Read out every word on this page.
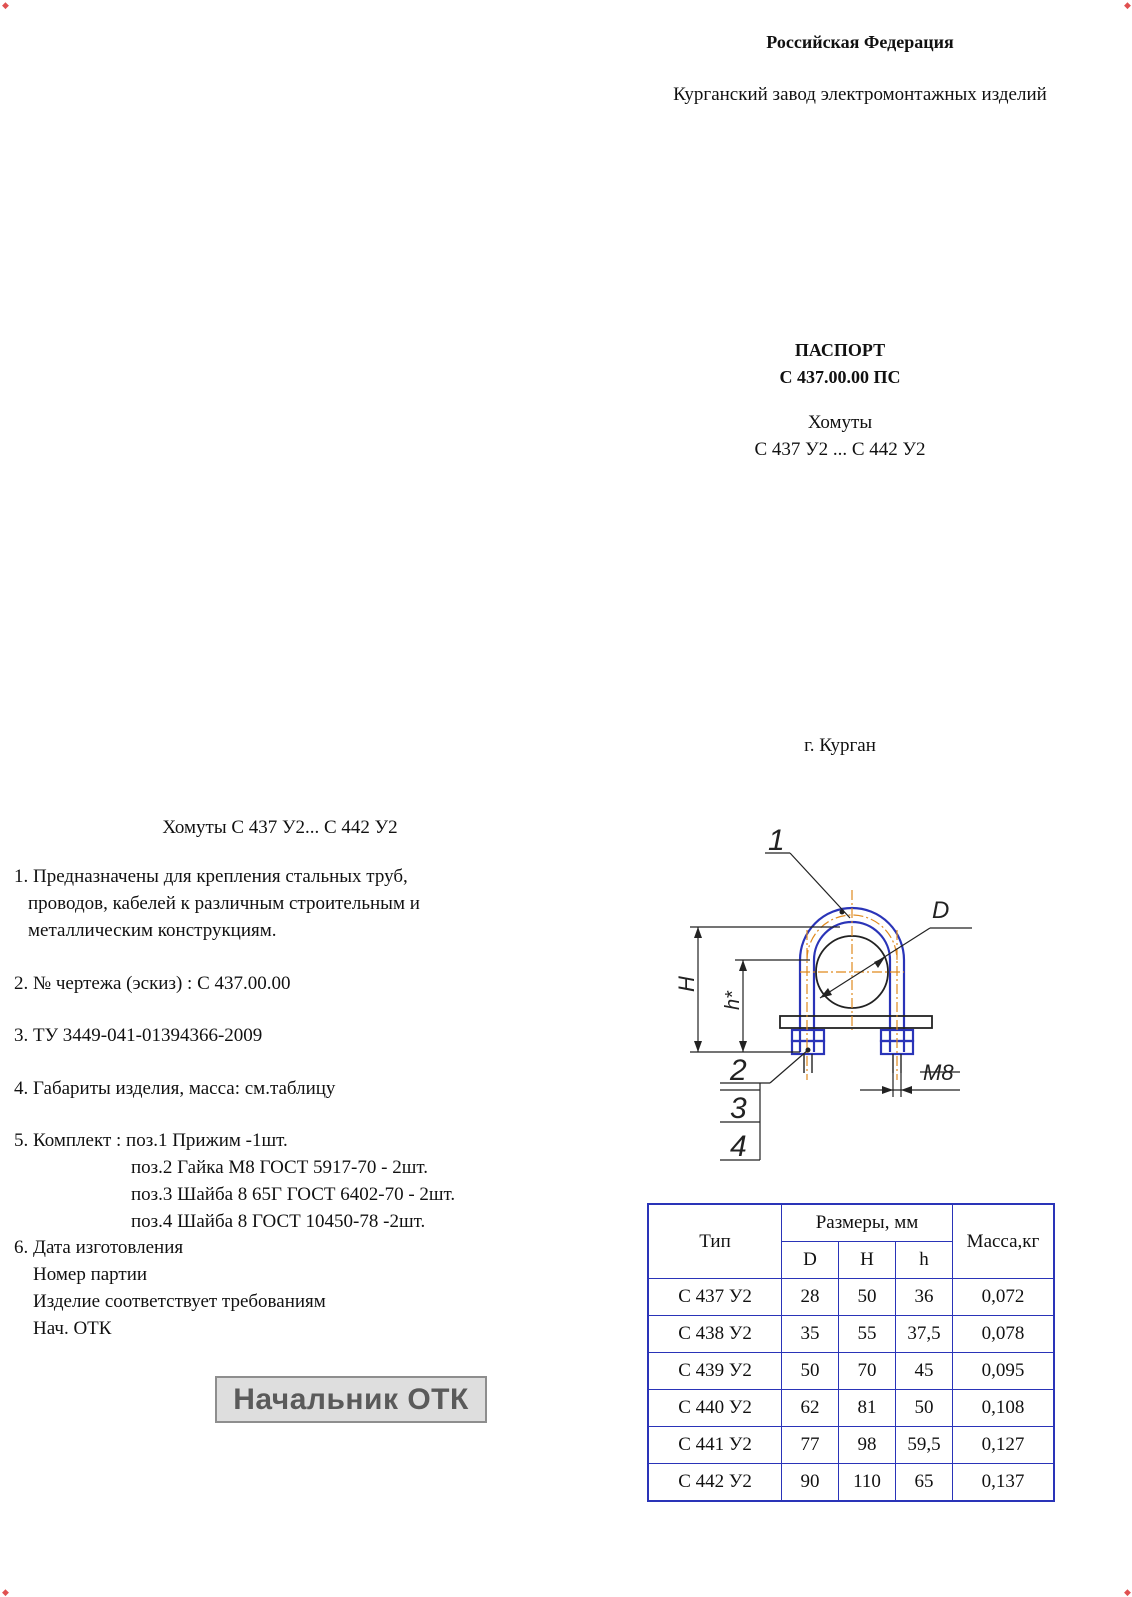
◆	◆
◆	◆
Российская Федерация
Курганский завод электромонтажных изделий
ПАСПОРТ
С 437.00.00 ПС
Хомуты
С 437 У2 ... С 442 У2
г. Курган
Хомуты С 437 У2... С 442 У2
1. Предназначены для крепления стальных труб,
проводов, кабелей к различным строительным и
металлическим конструкциям.
2. № чертежа (эскиз) : С 437.00.00
3. ТУ 3449-041-01394366-2009
4. Габариты изделия, масса: см.таблицу
5. Комплект : поз.1 Прижим -1шт.
поз.2 Гайка М8 ГОСТ 5917-70 - 2шт.
поз.3 Шайба 8 65Г ГОСТ 6402-70 - 2шт.
поз.4 Шайба 8 ГОСТ 10450-78 -2шт.
6. Дата изготовления
Номер партии
Изделие соответствует требованиям
Нач. ОТК
Начальник ОТК
1
D
H
h*
M8
2
3
4
Тип	Размеры, мм			Масса,кг
	D	H	h	
С 437 У2	28	50	36	0,072
С 438 У2	35	55	37,5	0,078
С 439 У2	50	70	45	0,095
С 440 У2	62	81	50	0,108
С 441 У2	77	98	59,5	0,127
С 442 У2	90	110	65	0,137
